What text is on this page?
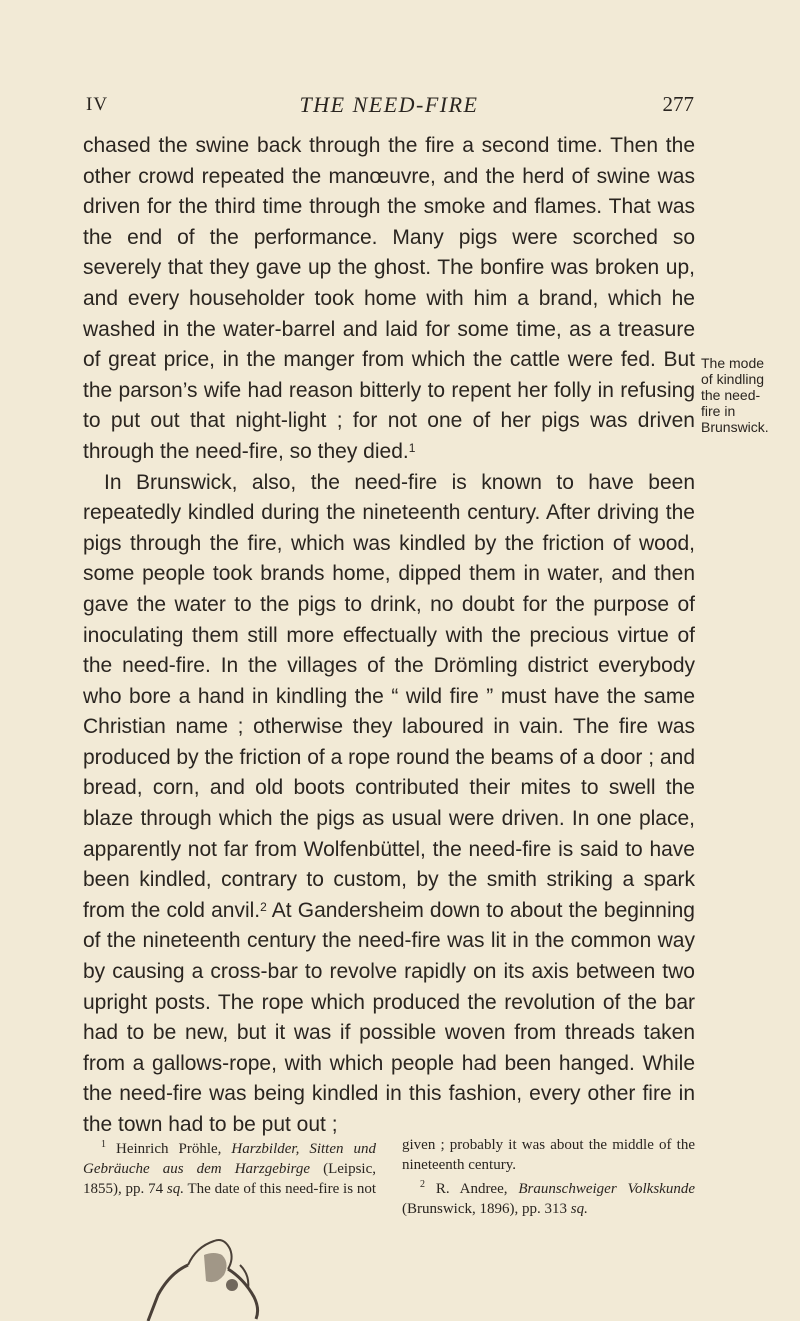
IV	THE NEED-FIRE	277

chased the swine back through the fire a second time. Then the other crowd repeated the manœuvre, and the herd of swine was driven for the third time through the smoke and flames. That was the end of the performance. Many pigs were scorched so severely that they gave up the ghost. The bonfire was broken up, and every householder took home with him a brand, which he washed in the water-barrel and laid for some time, as a treasure of great price, in the manger from which the cattle were fed. But the parson’s wife had reason bitterly to repent her folly in refusing to put out that night-light ; for not one of her pigs was driven through the need-fire, so they died.$^1$

In Brunswick, also, the need-fire is known to have been repeatedly kindled during the nineteenth century. After driving the pigs through the fire, which was kindled by the friction of wood, some people took brands home, dipped them in water, and then gave the water to the pigs to drink, no doubt for the purpose of inoculating them still more effectually with the precious virtue of the need-fire. In the villages of the Drömling district everybody who bore a hand in kindling the “ wild fire ” must have the same Christian name ; otherwise they laboured in vain. The fire was produced by the friction of a rope round the beams of a door ; and bread, corn, and old boots contributed their mites to swell the blaze through which the pigs as usual were driven. In one place, apparently not far from Wolfenbüttel, the need-fire is said to have been kindled, contrary to custom, by the smith striking a spark from the cold anvil.$^2$ At Gandersheim down to about the beginning of the nineteenth century the need-fire was lit in the common way by causing a cross-bar to revolve rapidly on its axis between two upright posts. The rope which produced the revolution of the bar had to be new, but it was if possible woven from threads taken from a gallows-rope, with which people had been hanged. While the need-fire was being kindled in this fashion, every other fire in the town had to be put out ;

The mode
of kindling
the need-
fire in
Brunswick.

$^1$ Heinrich Pröhle, Harzbilder, Sitten und Gebräuche aus dem Harzgebirge (Leipsic, 1855), pp. 74 sq. The date of this need-fire is not given ; probably it was about the middle of the nineteenth century.

$^2$ R. Andree, Braunschweiger Volkskunde (Brunswick, 1896), pp. 313 sq.
